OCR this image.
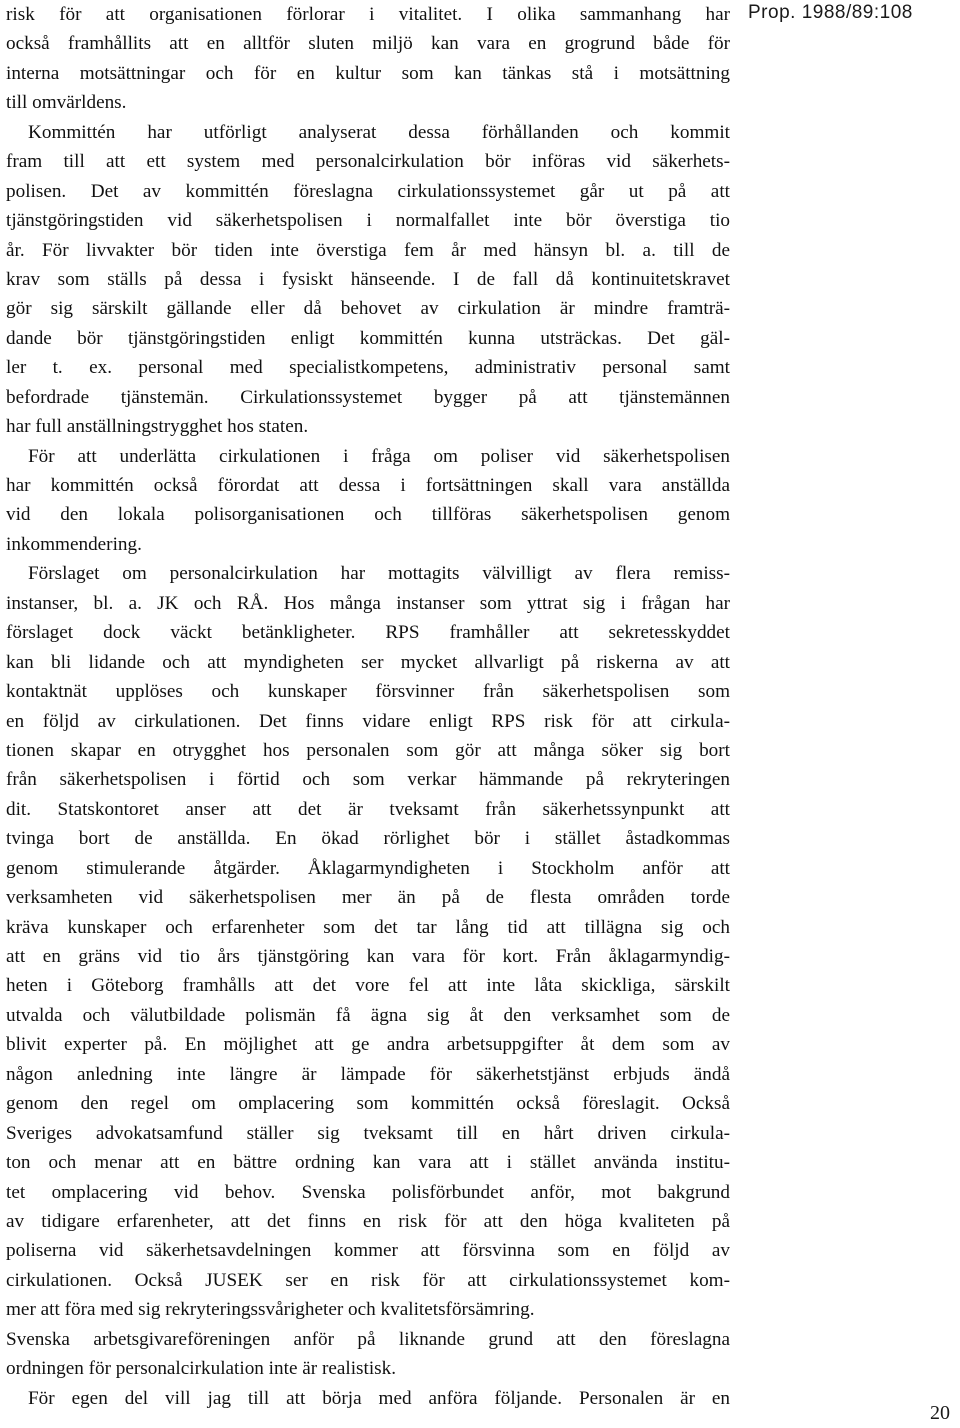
Prop. 1988/89:108
risk för att organisationen förlorar i vitalitet. I olika sammanhang har
också framhållits att en alltför sluten miljö kan vara en grogrund både för
interna motsättningar och för en kultur som kan tänkas stå i motsättning
till omvärldens.
Kommittén har utförligt analyserat dessa förhållanden och kommit
fram till att ett system med personalcirkulation bör införas vid säkerhets-
polisen. Det av kommittén föreslagna cirkulationssystemet går ut på att
tjänstgöringstiden vid säkerhetspolisen i normalfallet inte bör överstiga tio
år. För livvakter bör tiden inte överstiga fem år med hänsyn bl. a. till de
krav som ställs på dessa i fysiskt hänseende. I de fall då kontinuitetskravet
gör sig särskilt gällande eller då behovet av cirkulation är mindre framträ-
dande bör tjänstgöringstiden enligt kommittén kunna utsträckas. Det gäl-
ler t. ex. personal med specialistkompetens, administrativ personal samt
befordrade tjänstemän. Cirkulationssystemet bygger på att tjänstemännen
har full anställningstrygghet hos staten.
För att underlätta cirkulationen i fråga om poliser vid säkerhetspolisen
har kommittén också förordat att dessa i fortsättningen skall vara anställda
vid den lokala polisorganisationen och tillföras säkerhetspolisen genom
inkommendering.
Förslaget om personalcirkulation har mottagits välvilligt av flera remiss-
instanser, bl. a. JK och RÅ. Hos många instanser som yttrat sig i frågan har
förslaget dock väckt betänkligheter. RPS framhåller att sekretesskyddet
kan bli lidande och att myndigheten ser mycket allvarligt på riskerna av att
kontaktnät upplöses och kunskaper försvinner från säkerhetspolisen som
en följd av cirkulationen. Det finns vidare enligt RPS risk för att cirkula-
tionen skapar en otrygghet hos personalen som gör att många söker sig bort
från säkerhetspolisen i förtid och som verkar hämmande på rekryteringen
dit. Statskontoret anser att det är tveksamt från säkerhetssynpunkt att
tvinga bort de anställda. En ökad rörlighet bör i stället åstadkommas
genom stimulerande åtgärder. Åklagarmyndigheten i Stockholm anför att
verksamheten vid säkerhetspolisen mer än på de flesta områden torde
kräva kunskaper och erfarenheter som det tar lång tid att tillägna sig och
att en gräns vid tio års tjänstgöring kan vara för kort. Från åklagarmyndig-
heten i Göteborg framhålls att det vore fel att inte låta skickliga, särskilt
utvalda och välutbildade polismän få ägna sig åt den verksamhet som de
blivit experter på. En möjlighet att ge andra arbetsuppgifter åt dem som av
någon anledning inte längre är lämpade för säkerhetstjänst erbjuds ändå
genom den regel om omplacering som kommittén också föreslagit. Också
Sveriges advokatsamfund ställer sig tveksamt till en hårt driven cirkula-
ton och menar att en bättre ordning kan vara att i stället använda institu-
tet omplacering vid behov. Svenska polisförbundet anför, mot bakgrund
av tidigare erfarenheter, att det finns en risk för att den höga kvaliteten på
poliserna vid säkerhetsavdelningen kommer att försvinna som en följd av
cirkulationen. Också JUSEK ser en risk för att cirkulationssystemet kom-
mer att föra med sig rekryteringssvårigheter och kvalitetsförsämring.
Svenska arbetsgivareföreningen anför på liknande grund att den föreslagna
ordningen för personalcirkulation inte är realistisk.
För egen del vill jag till att börja med anföra följande. Personalen är en
20
